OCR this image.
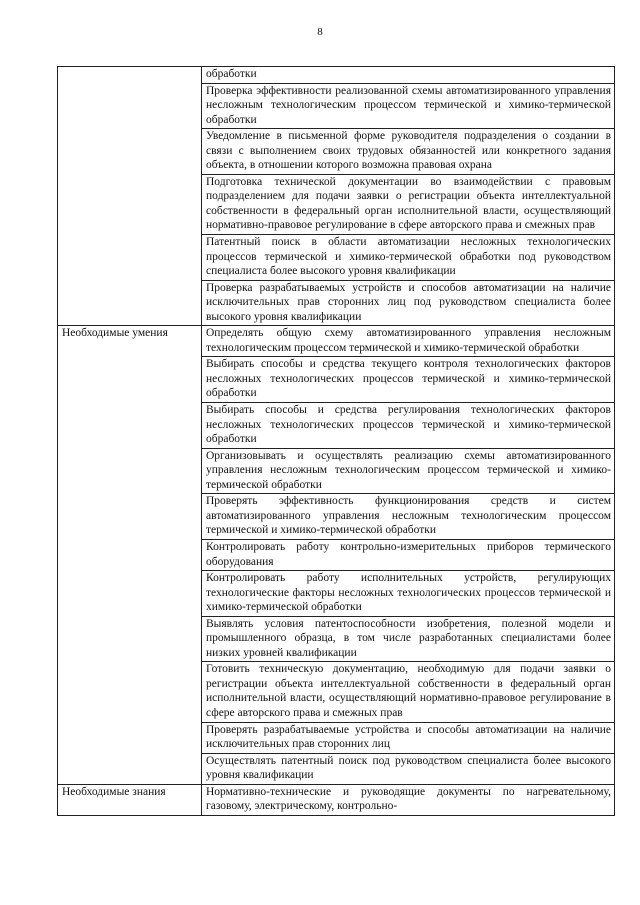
8
	обработки
	Проверка эффективности реализованной схемы автоматизированного управления несложным технологическим процессом термической и химико-термической обработки
	Уведомление в письменной форме руководителя подразделения о создании в связи с выполнением своих трудовых обязанностей или конкретного задания объекта, в отношении которого возможна правовая охрана
	Подготовка технической документации во взаимодействии с правовым подразделением для подачи заявки о регистрации объекта интеллектуальной собственности в федеральный орган исполнительной власти, осуществляющий нормативно-правовое регулирование в сфере авторского права и смежных прав
	Патентный поиск в области автоматизации несложных технологических процессов термической и химико-термической обработки под руководством специалиста более высокого уровня квалификации
	Проверка разрабатываемых устройств и способов автоматизации на наличие исключительных прав сторонних лиц под руководством специалиста более высокого уровня квалификации
Необходимые умения	Определять общую схему автоматизированного управления несложным технологическим процессом термической и химико-термической обработки
	Выбирать способы и средства текущего контроля технологических факторов несложных технологических процессов термической и химико-термической обработки
	Выбирать способы и средства регулирования технологических факторов несложных технологических процессов термической и химико-термической обработки
	Организовывать и осуществлять реализацию схемы автоматизированного управления несложным технологическим процессом термической и химико-термической обработки
	Проверять эффективность функционирования средств и систем автоматизированного управления несложным технологическим процессом термической и химико-термической обработки
	Контролировать работу контрольно-измерительных приборов термического оборудования
	Контролировать работу исполнительных устройств, регулирующих технологические факторы несложных технологических процессов термической и химико-термической обработки
	Выявлять условия патентоспособности изобретения, полезной модели и промышленного образца, в том числе разработанных специалистами более низких уровней квалификации
	Готовить техническую документацию, необходимую для подачи заявки о регистрации объекта интеллектуальной собственности в федеральный орган исполнительной власти, осуществляющий нормативно-правовое регулирование в сфере авторского права и смежных прав
	Проверять разрабатываемые устройства и способы автоматизации на наличие исключительных прав сторонних лиц
	Осуществлять патентный поиск под руководством специалиста более высокого уровня квалификации
Необходимые знания	Нормативно-технические и руководящие документы по нагревательному, газовому, электрическому, контрольно-
